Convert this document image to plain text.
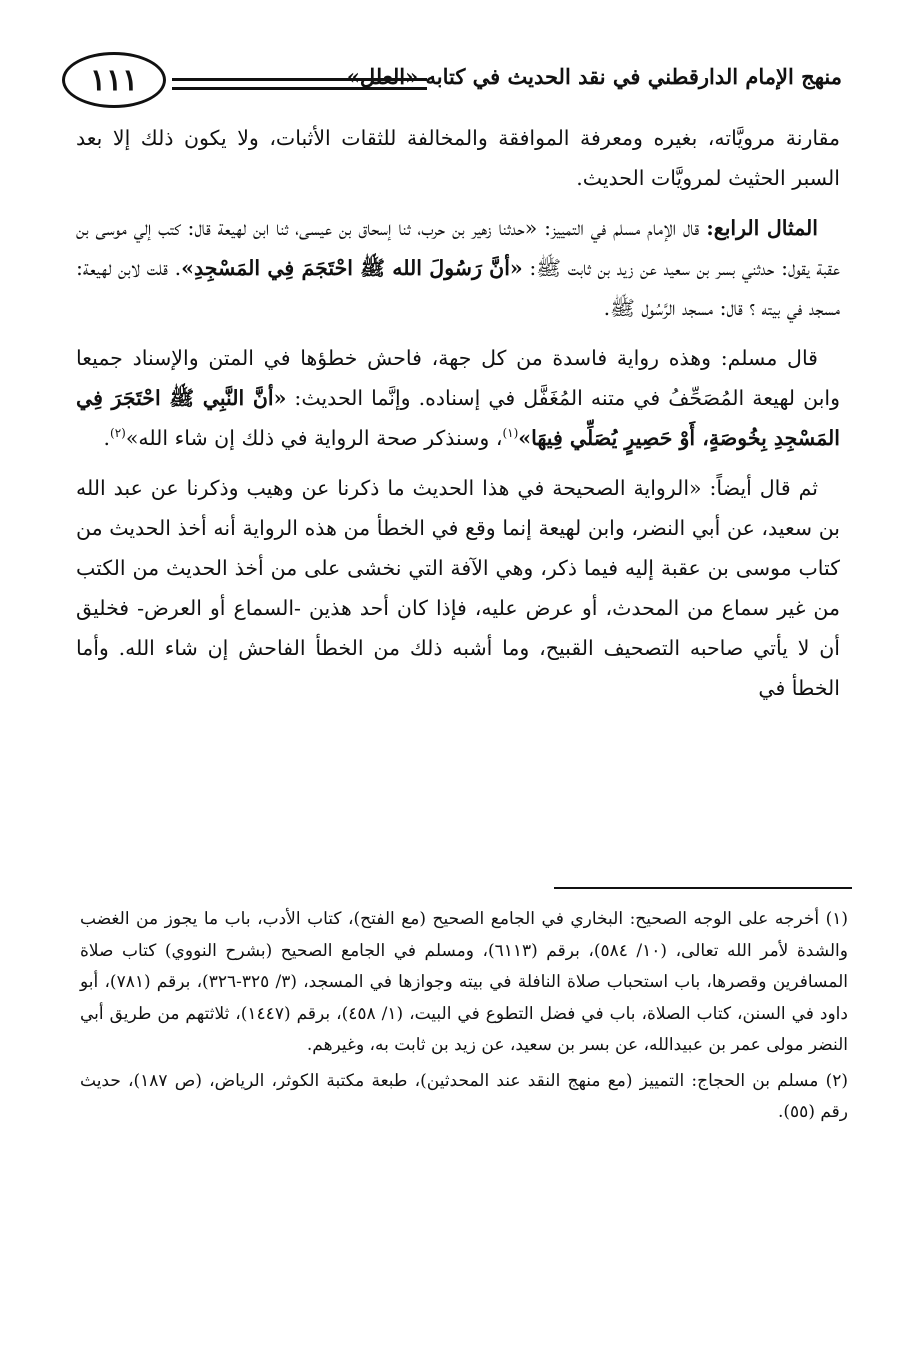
منهج الإمام الدارقطني في نقد الحديث في كتابه «العلل»
١١١

مقارنة مرويَّاته، بغيره ومعرفة الموافقة والمخالفة للثقات الأثبات، ولا يكون ذلك إلا بعد السبر الحثيث لمرويَّات الحديث.

المثال الرابع: قال الإمام مسلم في التمييز: «حدثنا زهير بن حرب، ثنا إسحاق بن عيسى، ثنا ابن لهيعة قال: كتب إلي موسى بن عقبة يقول: حدثني بسر بن سعيد عن زيد بن ثابت ﷺ: «أنَّ رَسُولَ الله ﷺ احْتَجَمَ فِي المَسْجِدِ». قلت لابن لهيعة: مسجد في بيته ؟ قال: مسجد الرَّسُول ﷺ.

قال مسلم: وهذه رواية فاسدة من كل جهة، فاحش خطؤها في المتن والإسناد جميعا وابن لهيعة المُصَحِّفُ في متنه المُغَفَّل في إسناده. وإنَّما الحديث: «أنَّ النَّبِي ﷺ احْتَجَرَ فِي المَسْجِدِ بِخُوصَةٍ، أَوْ حَصِيرٍ يُصَلِّي فِيهَا»$^{(١)}$، وسنذكر صحة الرواية في ذلك إن شاء الله»$^{(٢)}$.

ثم قال أيضاً: «الرواية الصحيحة في هذا الحديث ما ذكرنا عن وهيب وذكرنا عن عبد الله بن سعيد، عن أبي النضر، وابن لهيعة إنما وقع في الخطأ من هذه الرواية أنه أخذ الحديث من كتاب موسى بن عقبة إليه فيما ذكر، وهي الآفة التي نخشى على من أخذ الحديث من الكتب من غير سماع من المحدث، أو عرض عليه، فإذا كان أحد هذين -السماع أو العرض- فخليق أن لا يأتي صاحبه التصحيف القبيح، وما أشبه ذلك من الخطأ الفاحش إن شاء الله. وأما الخطأ في

(١) أخرجه على الوجه الصحيح: البخاري في الجامع الصحيح (مع الفتح)، كتاب الأدب، باب ما يجوز من الغضب والشدة لأمر الله تعالى، (١٠/ ٥٨٤)، برقم (٦١١٣)، ومسلم في الجامع الصحيح (بشرح النووي) كتاب صلاة المسافرين وقصرها، باب استحباب صلاة النافلة في بيته وجوازها في المسجد، (٣/ ٣٢٥-٣٢٦)، برقم (٧٨١)، أبو داود في السنن، كتاب الصلاة، باب في فضل التطوع في البيت، (١/ ٤٥٨)، برقم (١٤٤٧)، ثلاثتهم من طريق أبي النضر مولى عمر بن عبيدالله، عن بسر بن سعيد، عن زيد بن ثابت به، وغيرهم.

(٢) مسلم بن الحجاج: التمييز (مع منهج النقد عند المحدثين)، طبعة مكتبة الكوثر، الرياض، (ص ١٨٧)، حديث رقم (٥٥).
